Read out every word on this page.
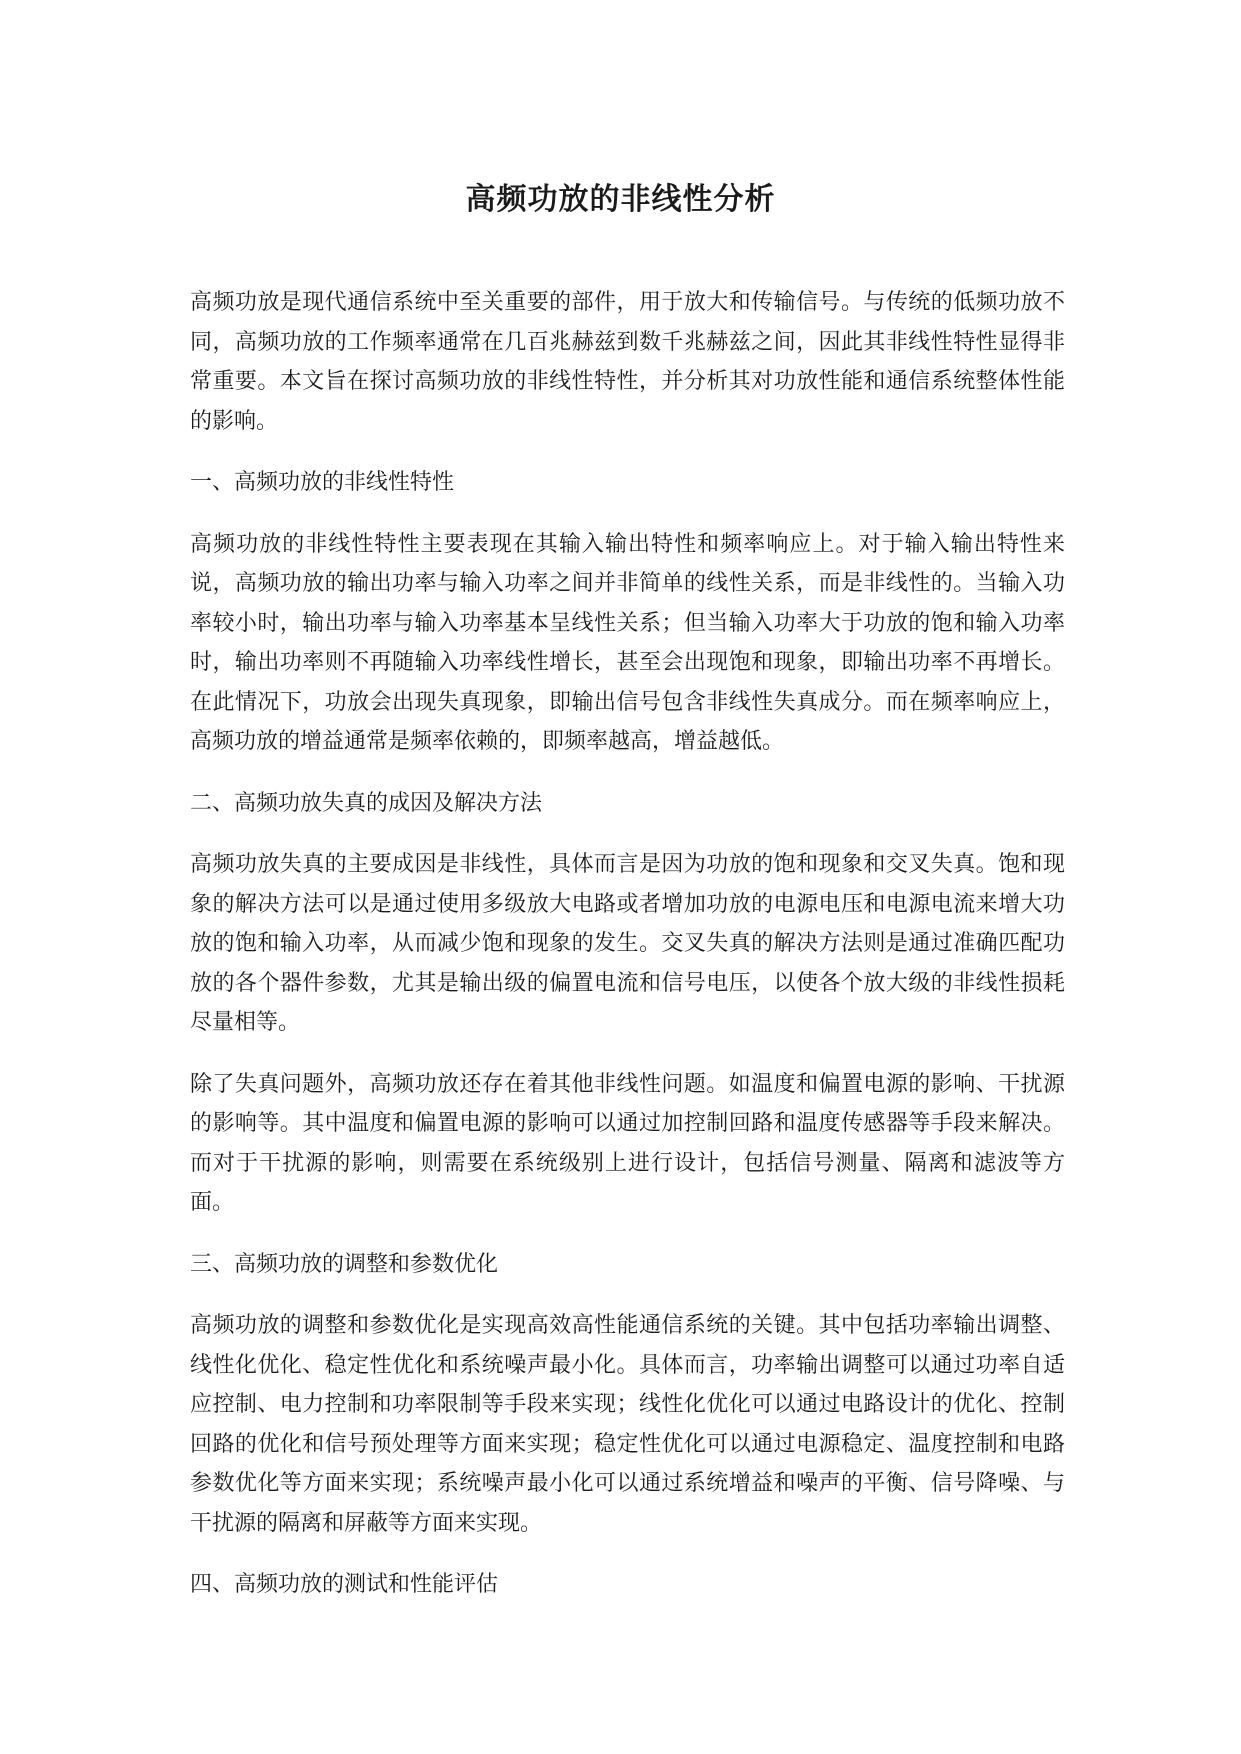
高频功放的非线性分析

高频功放是现代通信系统中至关重要的部件，用于放大和传输信号。与传统的低频功放不同，高频功放的工作频率通常在几百兆赫兹到数千兆赫兹之间，因此其非线性特性显得非常重要。本文旨在探讨高频功放的非线性特性，并分析其对功放性能和通信系统整体性能的影响。

一、高频功放的非线性特性

高频功放的非线性特性主要表现在其输入输出特性和频率响应上。对于输入输出特性来说，高频功放的输出功率与输入功率之间并非简单的线性关系，而是非线性的。当输入功率较小时，输出功率与输入功率基本呈线性关系；但当输入功率大于功放的饱和输入功率时，输出功率则不再随输入功率线性增长，甚至会出现饱和现象，即输出功率不再增长。在此情况下，功放会出现失真现象，即输出信号包含非线性失真成分。而在频率响应上，高频功放的增益通常是频率依赖的，即频率越高，增益越低。

二、高频功放失真的成因及解决方法

高频功放失真的主要成因是非线性，具体而言是因为功放的饱和现象和交叉失真。饱和现象的解决方法可以是通过使用多级放大电路或者增加功放的电源电压和电源电流来增大功放的饱和输入功率，从而减少饱和现象的发生。交叉失真的解决方法则是通过准确匹配功放的各个器件参数，尤其是输出级的偏置电流和信号电压，以使各个放大级的非线性损耗尽量相等。

除了失真问题外，高频功放还存在着其他非线性问题。如温度和偏置电源的影响、干扰源的影响等。其中温度和偏置电源的影响可以通过加控制回路和温度传感器等手段来解决。而对于干扰源的影响，则需要在系统级别上进行设计，包括信号测量、隔离和滤波等方面。

三、高频功放的调整和参数优化

高频功放的调整和参数优化是实现高效高性能通信系统的关键。其中包括功率输出调整、线性化优化、稳定性优化和系统噪声最小化。具体而言，功率输出调整可以通过功率自适应控制、电力控制和功率限制等手段来实现；线性化优化可以通过电路设计的优化、控制回路的优化和信号预处理等方面来实现；稳定性优化可以通过电源稳定、温度控制和电路参数优化等方面来实现；系统噪声最小化可以通过系统增益和噪声的平衡、信号降噪、与干扰源的隔离和屏蔽等方面来实现。

四、高频功放的测试和性能评估
